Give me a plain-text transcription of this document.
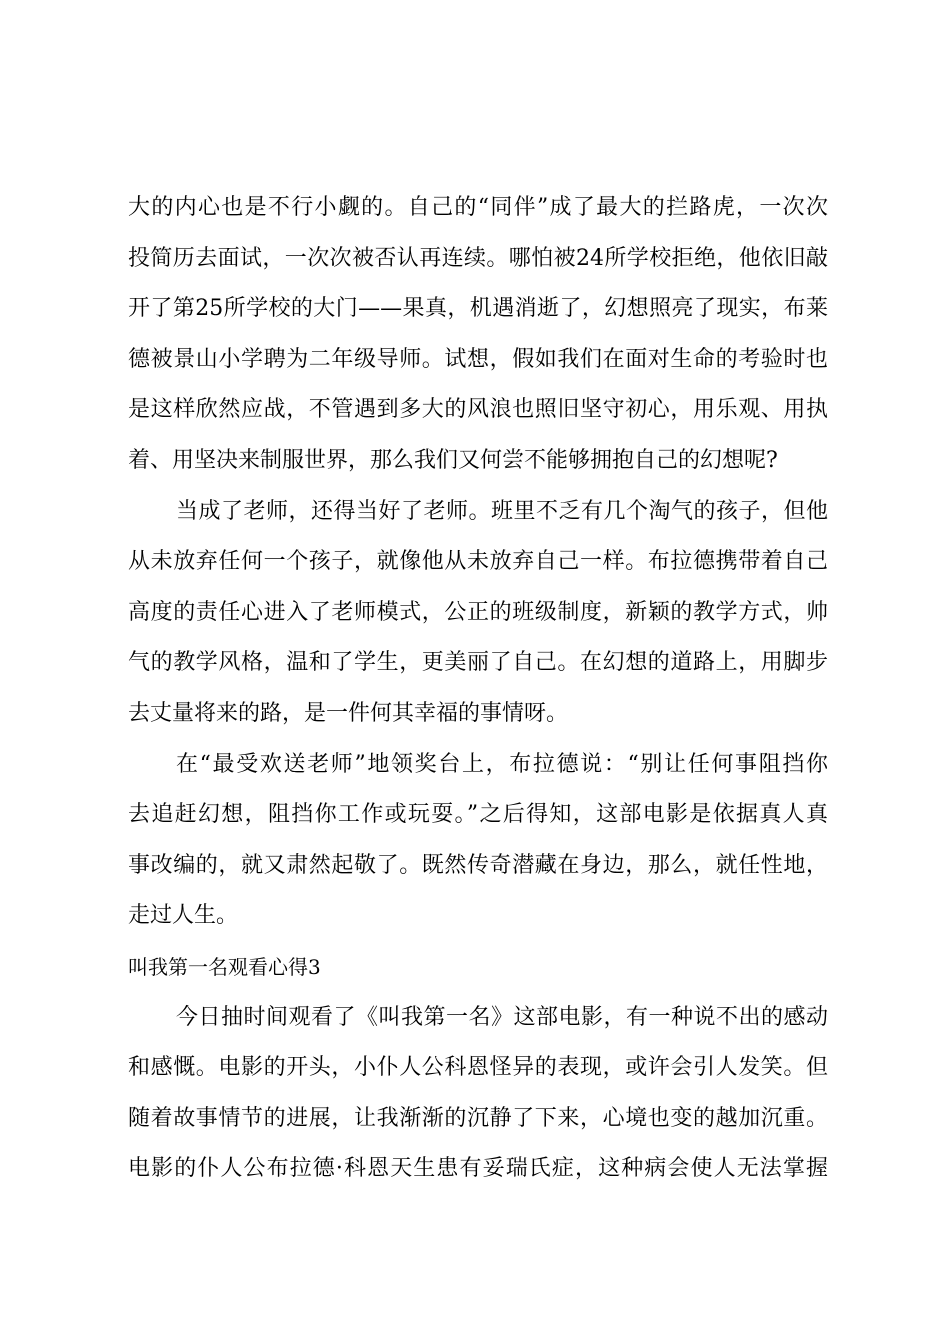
大的内心也是不行小觑的。自己的“同伴”成了最大的拦路虎，一次次
投简历去面试，一次次被否认再连续。哪怕被24所学校拒绝，他依旧敲
开了第25所学校的大门——果真，机遇消逝了，幻想照亮了现实，布莱
德被景山小学聘为二年级导师。试想，假如我们在面对生命的考验时也
是这样欣然应战，不管遇到多大的风浪也照旧坚守初心，用乐观、用执
着、用坚决来制服世界，那么我们又何尝不能够拥抱自己的幻想呢?
当成了老师，还得当好了老师。班里不乏有几个淘气的孩子，但他
从未放弃任何一个孩子，就像他从未放弃自己一样。布拉德携带着自己
高度的责任心进入了老师模式，公正的班级制度，新颖的教学方式，帅
气的教学风格，温和了学生，更美丽了自己。在幻想的道路上，用脚步
去丈量将来的路，是一件何其幸福的事情呀。
在“最受欢送老师”地领奖台上，布拉德说：“别让任何事阻挡你
去追赶幻想，阻挡你工作或玩耍。”之后得知，这部电影是依据真人真
事改编的，就又肃然起敬了。既然传奇潜藏在身边，那么，就任性地，
走过人生。
叫我第一名观看心得3
今日抽时间观看了《叫我第一名》这部电影，有一种说不出的感动
和感慨。电影的开头，小仆人公科恩怪异的表现，或许会引人发笑。但
随着故事情节的进展，让我渐渐的沉静了下来，心境也变的越加沉重。
电影的仆人公布拉德·科恩天生患有妥瑞氏症，这种病会使人无法掌握
